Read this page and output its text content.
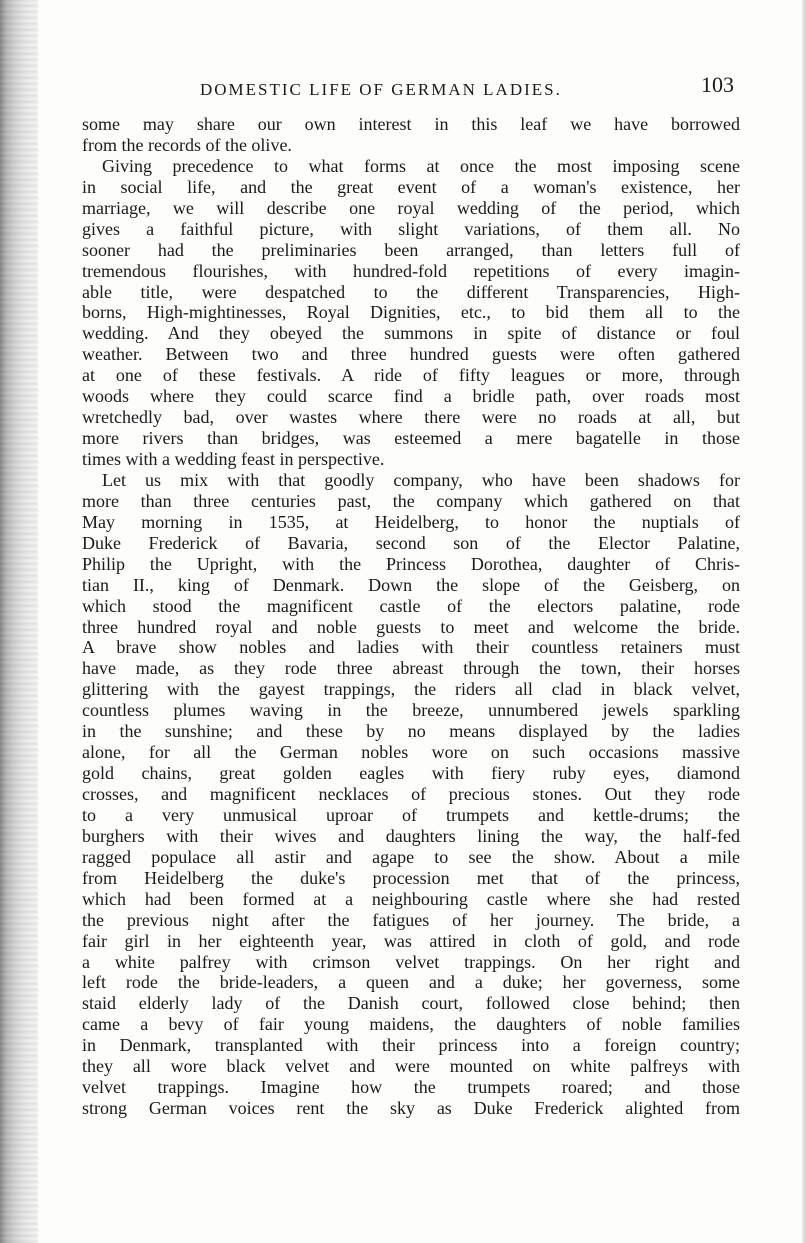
DOMESTIC LIFE OF GERMAN LADIES.	103
some may share our own interest in this leaf we have borrowed
from the records of the olive.
Giving precedence to what forms at once the most imposing scene
in social life, and the great event of a woman's existence, her
marriage, we will describe one royal wedding of the period, which
gives a faithful picture, with slight variations, of them all. No
sooner had the preliminaries been arranged, than letters full of
tremendous flourishes, with hundred-fold repetitions of every imagin-
able title, were despatched to the different Transparencies, High-
borns, High-mightinesses, Royal Dignities, etc., to bid them all to the
wedding. And they obeyed the summons in spite of distance or foul
weather. Between two and three hundred guests were often gathered
at one of these festivals. A ride of fifty leagues or more, through
woods where they could scarce find a bridle path, over roads most
wretchedly bad, over wastes where there were no roads at all, but
more rivers than bridges, was esteemed a mere bagatelle in those
times with a wedding feast in perspective.
Let us mix with that goodly company, who have been shadows for
more than three centuries past, the company which gathered on that
May morning in 1535, at Heidelberg, to honor the nuptials of
Duke Frederick of Bavaria, second son of the Elector Palatine,
Philip the Upright, with the Princess Dorothea, daughter of Chris-
tian II., king of Denmark. Down the slope of the Geisberg, on
which stood the magnificent castle of the electors palatine, rode
three hundred royal and noble guests to meet and welcome the bride.
A brave show nobles and ladies with their countless retainers must
have made, as they rode three abreast through the town, their horses
glittering with the gayest trappings, the riders all clad in black velvet,
countless plumes waving in the breeze, unnumbered jewels sparkling
in the sunshine; and these by no means displayed by the ladies
alone, for all the German nobles wore on such occasions massive
gold chains, great golden eagles with fiery ruby eyes, diamond
crosses, and magnificent necklaces of precious stones. Out they rode
to a very unmusical uproar of trumpets and kettle-drums; the
burghers with their wives and daughters lining the way, the half-fed
ragged populace all astir and agape to see the show. About a mile
from Heidelberg the duke's procession met that of the princess,
which had been formed at a neighbouring castle where she had rested
the previous night after the fatigues of her journey. The bride, a
fair girl in her eighteenth year, was attired in cloth of gold, and rode
a white palfrey with crimson velvet trappings. On her right and
left rode the bride-leaders, a queen and a duke; her governess, some
staid elderly lady of the Danish court, followed close behind; then
came a bevy of fair young maidens, the daughters of noble families
in Denmark, transplanted with their princess into a foreign country;
they all wore black velvet and were mounted on white palfreys with
velvet trappings. Imagine how the trumpets roared; and those
strong German voices rent the sky as Duke Frederick alighted from
